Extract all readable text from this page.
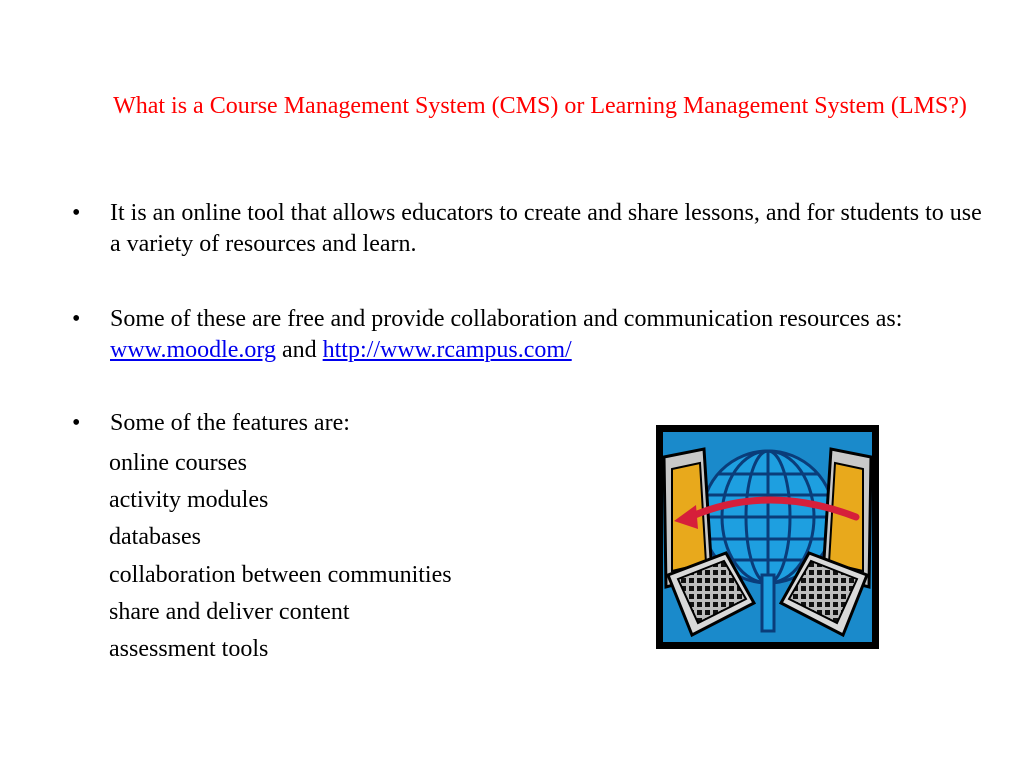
What is a Course Management System (CMS) or Learning Management System (LMS?)
• It is an online tool that allows educators to create and share lessons, and for students to use a variety of resources and learn.
• Some of these are free and provide collaboration and communication resources as:  www.moodle.org and http://www.rcampus.com/
• Some of the features are:
online courses
activity modules
databases
collaboration between communities
share and deliver content
assessment tools
